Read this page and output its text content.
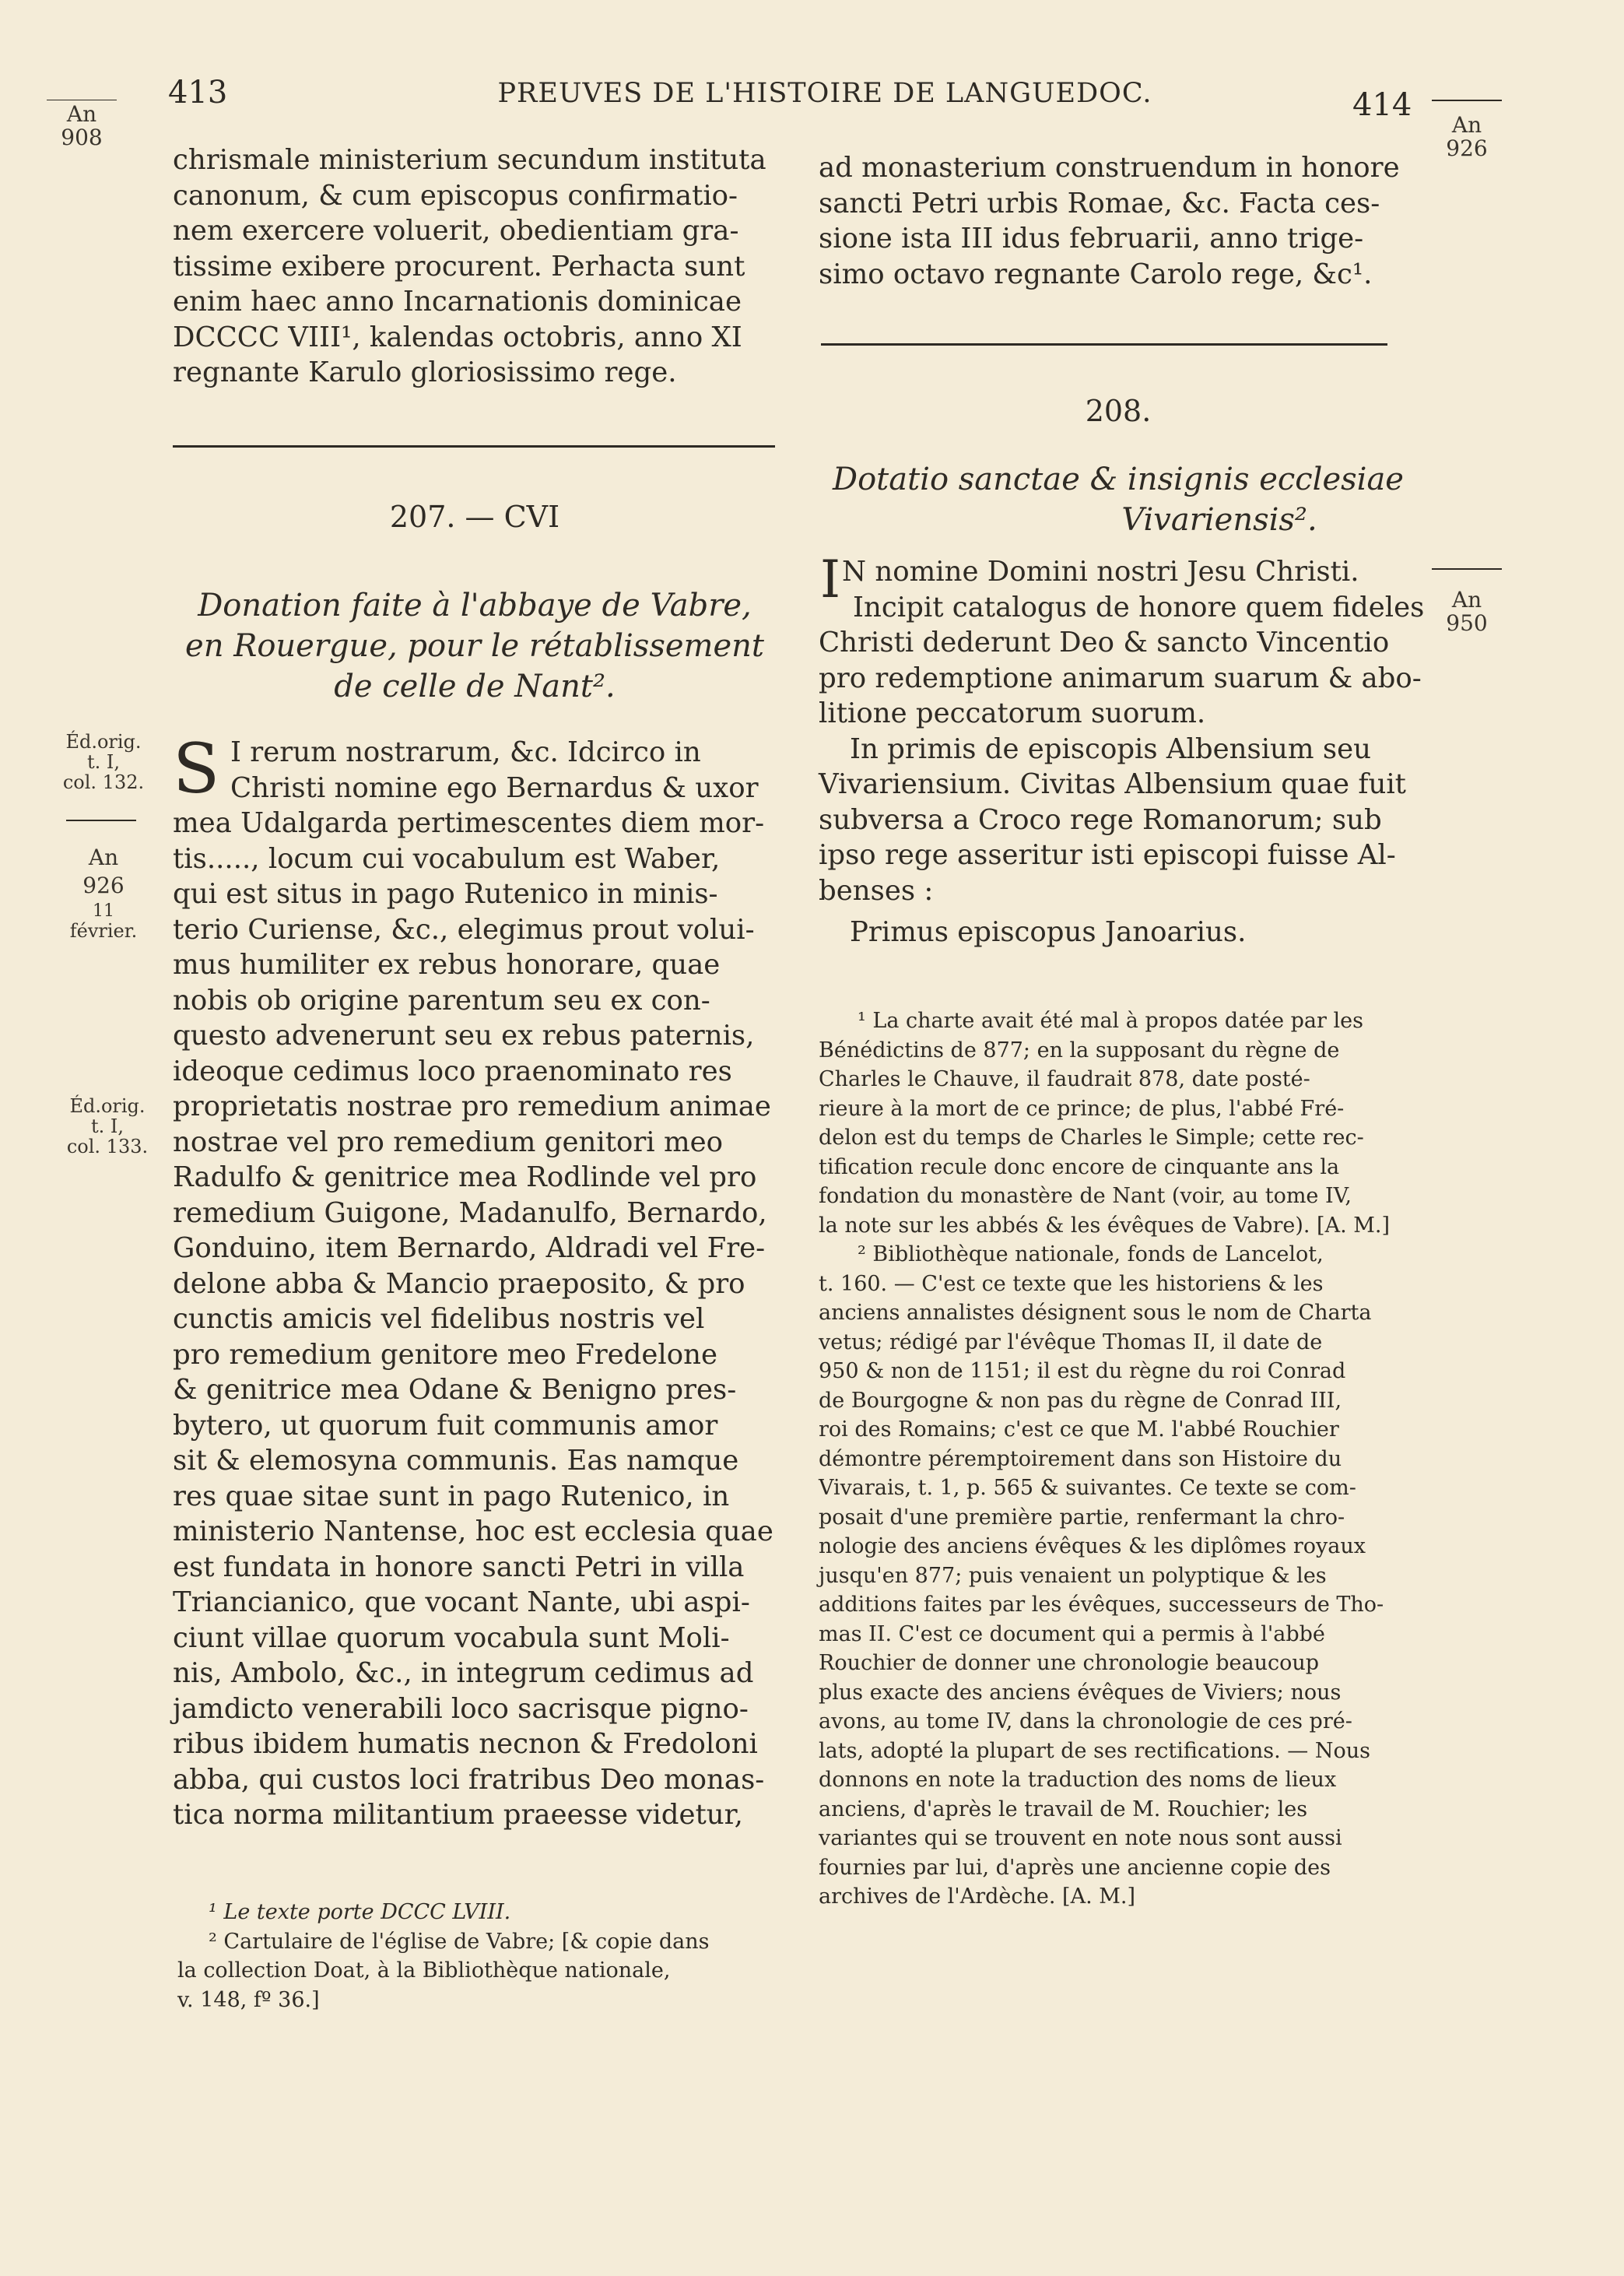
413	PREUVES DE L'HISTOIRE DE LANGUEDOC.	414
An
908	An
926
Éd.orig.
t. I,
col. 132.
An
926
11
février.
Éd.orig.
t. I,
col. 133.
An
950
chrismale ministerium secundum instituta
canonum, & cum episcopus confirmatio-
nem exercere voluerit, obedientiam gra-
tissime exibere procurent. Perhacta sunt
enim haec anno Incarnationis dominicae
DCCCC VIII¹, kalendas octobris, anno XI
regnante Karulo gloriosissimo rege.
207. — CVI
Donation faite à l'abbaye de Vabre,
en Rouergue, pour le rétablissement
de celle de Nant².
S I rerum nostrarum, &c. Idcirco in
Christi nomine ego Bernardus & uxor
mea Udalgarda pertimescentes diem mor-
tis....., locum cui vocabulum est Waber,
qui est situs in pago Rutenico in minis-
terio Curiense, &c., elegimus prout volui-
mus humiliter ex rebus honorare, quae
nobis ob origine parentum seu ex con-
questo advenerunt seu ex rebus paternis,
ideoque cedimus loco praenominato res
proprietatis nostrae pro remedium animae
nostrae vel pro remedium genitori meo
Radulfo & genitrice mea Rodlinde vel pro
remedium Guigone, Madanulfo, Bernardo,
Gonduino, item Bernardo, Aldradi vel Fre-
delone abba & Mancio praeposito, & pro
cunctis amicis vel fidelibus nostris vel
pro remedium genitore meo Fredelone
& genitrice mea Odane & Benigno pres-
bytero, ut quorum fuit communis amor
sit & elemosyna communis. Eas namque
res quae sitae sunt in pago Rutenico, in
ministerio Nantense, hoc est ecclesia quae
est fundata in honore sancti Petri in villa
Triancianico, que vocant Nante, ubi aspi-
ciunt villae quorum vocabula sunt Moli-
nis, Ambolo, &c., in integrum cedimus ad
jamdicto venerabili loco sacrisque pigno-
ribus ibidem humatis necnon & Fredoloni
abba, qui custos loci fratribus Deo monas-
tica norma militantium praeesse videtur,
¹ Le texte porte DCCC LVIII.
² Cartulaire de l'église de Vabre; [& copie dans
la collection Doat, à la Bibliothèque nationale,
v. 148, fº 36.]
ad monasterium construendum in honore
sancti Petri urbis Romae, &c. Facta ces-
sione ista III idus februarii, anno trige-
simo octavo regnante Carolo rege, &c¹.
208.
Dotatio sanctae & insignis ecclesiae
Vivariensis².
I N nomine Domini nostri Jesu Christi.
Incipit catalogus de honore quem fideles
Christi dederunt Deo & sancto Vincentio
pro redemptione animarum suarum & abo-
litione peccatorum suorum.
In primis de episcopis Albensium seu
Vivariensium. Civitas Albensium quae fuit
subversa a Croco rege Romanorum; sub
ipso rege asseritur isti episcopi fuisse Al-
benses :
Primus episcopus Janoarius.
¹ La charte avait été mal à propos datée par les
Bénédictins de 877; en la supposant du règne de
Charles le Chauve, il faudrait 878, date posté-
rieure à la mort de ce prince; de plus, l'abbé Fré-
delon est du temps de Charles le Simple; cette rec-
tification recule donc encore de cinquante ans la
fondation du monastère de Nant (voir, au tome IV,
la note sur les abbés & les évêques de Vabre). [A. M.]
² Bibliothèque nationale, fonds de Lancelot,
t. 160. — C'est ce texte que les historiens & les
anciens annalistes désignent sous le nom de Charta
vetus; rédigé par l'évêque Thomas II, il date de
950 & non de 1151; il est du règne du roi Conrad
de Bourgogne & non pas du règne de Conrad III,
roi des Romains; c'est ce que M. l'abbé Rouchier
démontre péremptoirement dans son Histoire du
Vivarais, t. 1, p. 565 & suivantes. Ce texte se com-
posait d'une première partie, renfermant la chro-
nologie des anciens évêques & les diplômes royaux
jusqu'en 877; puis venaient un polyptique & les
additions faites par les évêques, successeurs de Tho-
mas II. C'est ce document qui a permis à l'abbé
Rouchier de donner une chronologie beaucoup
plus exacte des anciens évêques de Viviers; nous
avons, au tome IV, dans la chronologie de ces pré-
lats, adopté la plupart de ses rectifications. — Nous
donnons en note la traduction des noms de lieux
anciens, d'après le travail de M. Rouchier; les
variantes qui se trouvent en note nous sont aussi
fournies par lui, d'après une ancienne copie des
archives de l'Ardèche. [A. M.]
